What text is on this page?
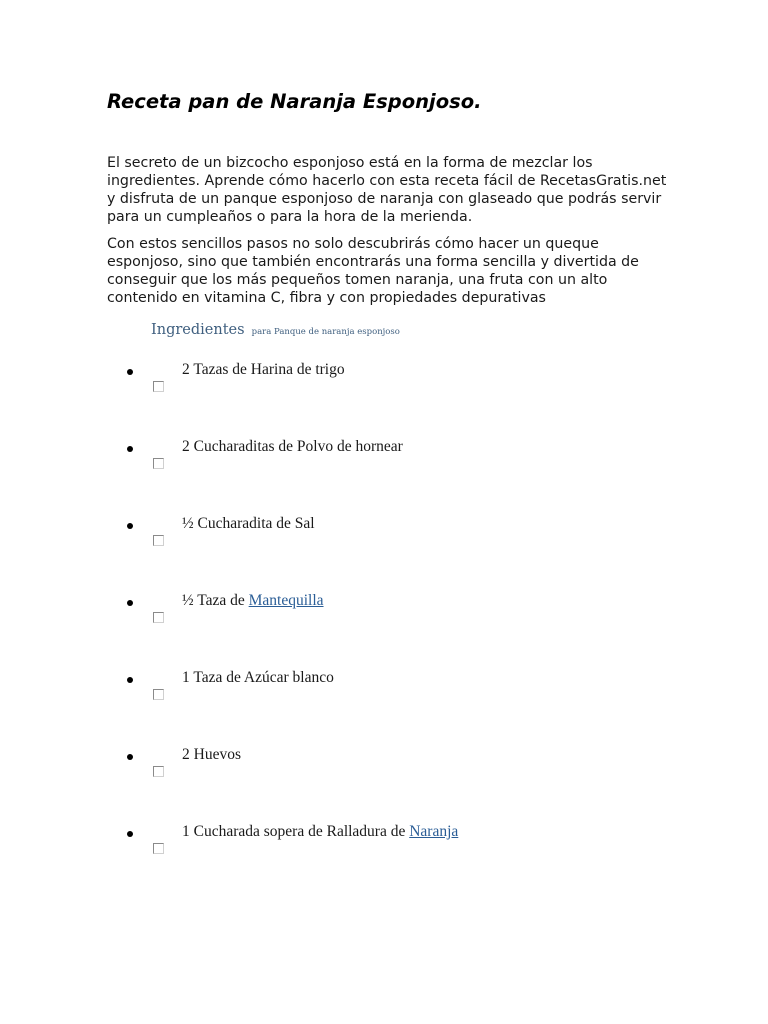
Receta pan de Naranja Esponjoso.

El secreto de un bizcocho esponjoso está en la forma de mezclar los ingredientes. Aprende cómo hacerlo con esta receta fácil de RecetasGratis.net y disfruta de un panque esponjoso de naranja con glaseado que podrás servir para un cumpleaños o para la hora de la merienda.

Con estos sencillos pasos no solo descubrirás cómo hacer un queque esponjoso, sino que también encontrarás una forma sencilla y divertida de conseguir que los más pequeños tomen naranja, una fruta con un alto contenido en vitamina C, fibra y con propiedades depurativas

Ingredientes para Panque de naranja esponjoso
2 Tazas de Harina de trigo
2 Cucharaditas de Polvo de hornear
½ Cucharadita de Sal
½ Taza de Mantequilla
1 Taza de Azúcar blanco
2 Huevos
1 Cucharada sopera de Ralladura de Naranja
